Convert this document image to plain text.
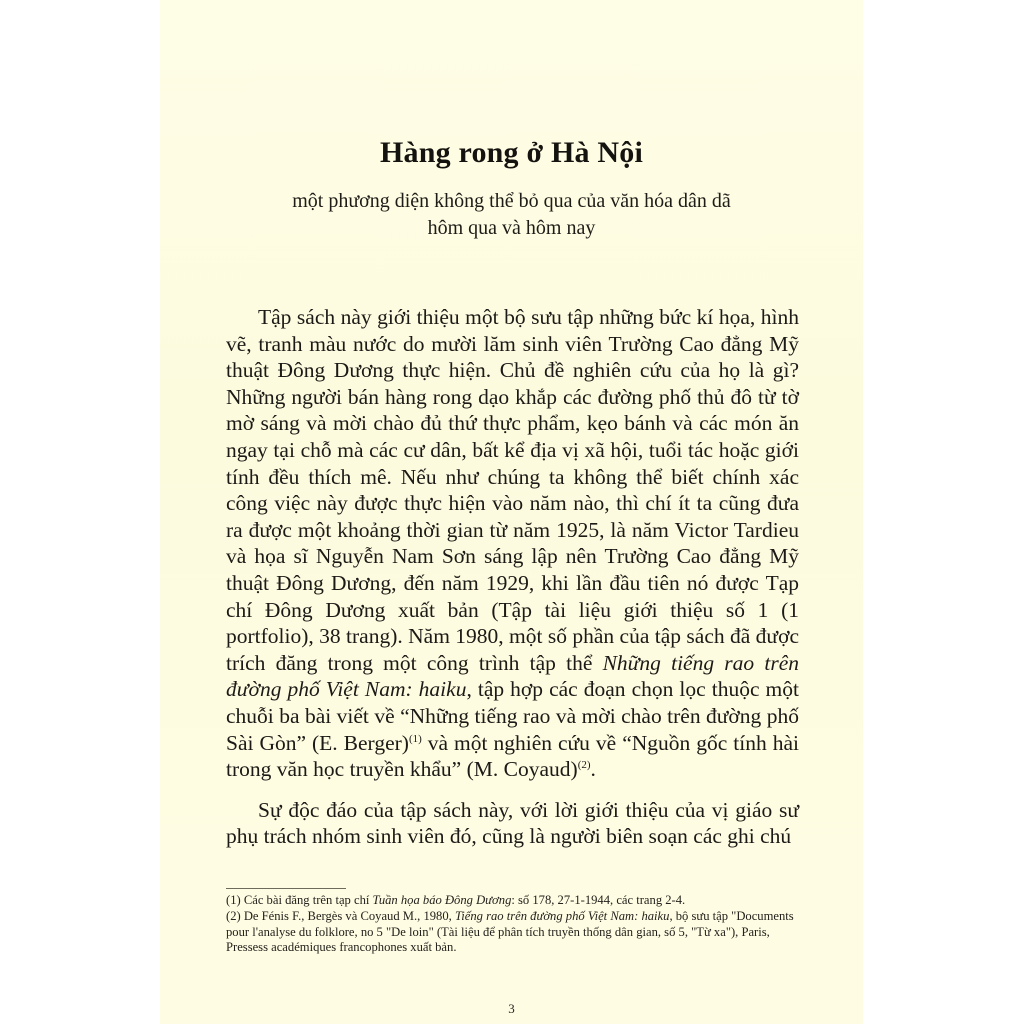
Hàng rong ở Hà Nội
một phương diện không thể bỏ qua của văn hóa dân dã
hôm qua và hôm nay

Tập sách này giới thiệu một bộ sưu tập những bức kí họa, hình vẽ, tranh màu nước do mười lăm sinh viên Trường Cao đẳng Mỹ thuật Đông Dương thực hiện. Chủ đề nghiên cứu của họ là gì? Những người bán hàng rong dạo khắp các đường phố thủ đô từ tờ mờ sáng và mời chào đủ thứ thực phẩm, kẹo bánh và các món ăn ngay tại chỗ mà các cư dân, bất kể địa vị xã hội, tuổi tác hoặc giới tính đều thích mê. Nếu như chúng ta không thể biết chính xác công việc này được thực hiện vào năm nào, thì chí ít ta cũng đưa ra được một khoảng thời gian từ năm 1925, là năm Victor Tardieu và họa sĩ Nguyễn Nam Sơn sáng lập nên Trường Cao đẳng Mỹ thuật Đông Dương, đến năm 1929, khi lần đầu tiên nó được Tạp chí Đông Dương xuất bản (Tập tài liệu giới thiệu số 1 (1 portfolio), 38 trang). Năm 1980, một số phần của tập sách đã được trích đăng trong một công trình tập thể Những tiếng rao trên đường phố Việt Nam: haiku, tập hợp các đoạn chọn lọc thuộc một chuỗi ba bài viết về “Những tiếng rao và mời chào trên đường phố Sài Gòn” (E. Berger)$^{(1)}$ và một nghiên cứu về “Nguồn gốc tính hài trong văn học truyền khẩu” (M. Coyaud)$^{(2)}$.

Sự độc đáo của tập sách này, với lời giới thiệu của vị giáo sư phụ trách nhóm sinh viên đó, cũng là người biên soạn các ghi chú

(1) Các bài đăng trên tạp chí Tuần họa báo Đông Dương: số 178, 27-1-1944, các trang 2-4.
(2) De Fénis F., Bergès và Coyaud M., 1980, Tiếng rao trên đường phố Việt Nam: haiku, bộ sưu tập "Documents pour l'analyse du folklore, no 5 "De loin" (Tài liệu để phân tích truyền thống dân gian, số 5, "Từ xa"), Paris, Pressess académiques francophones xuất bản.
3
